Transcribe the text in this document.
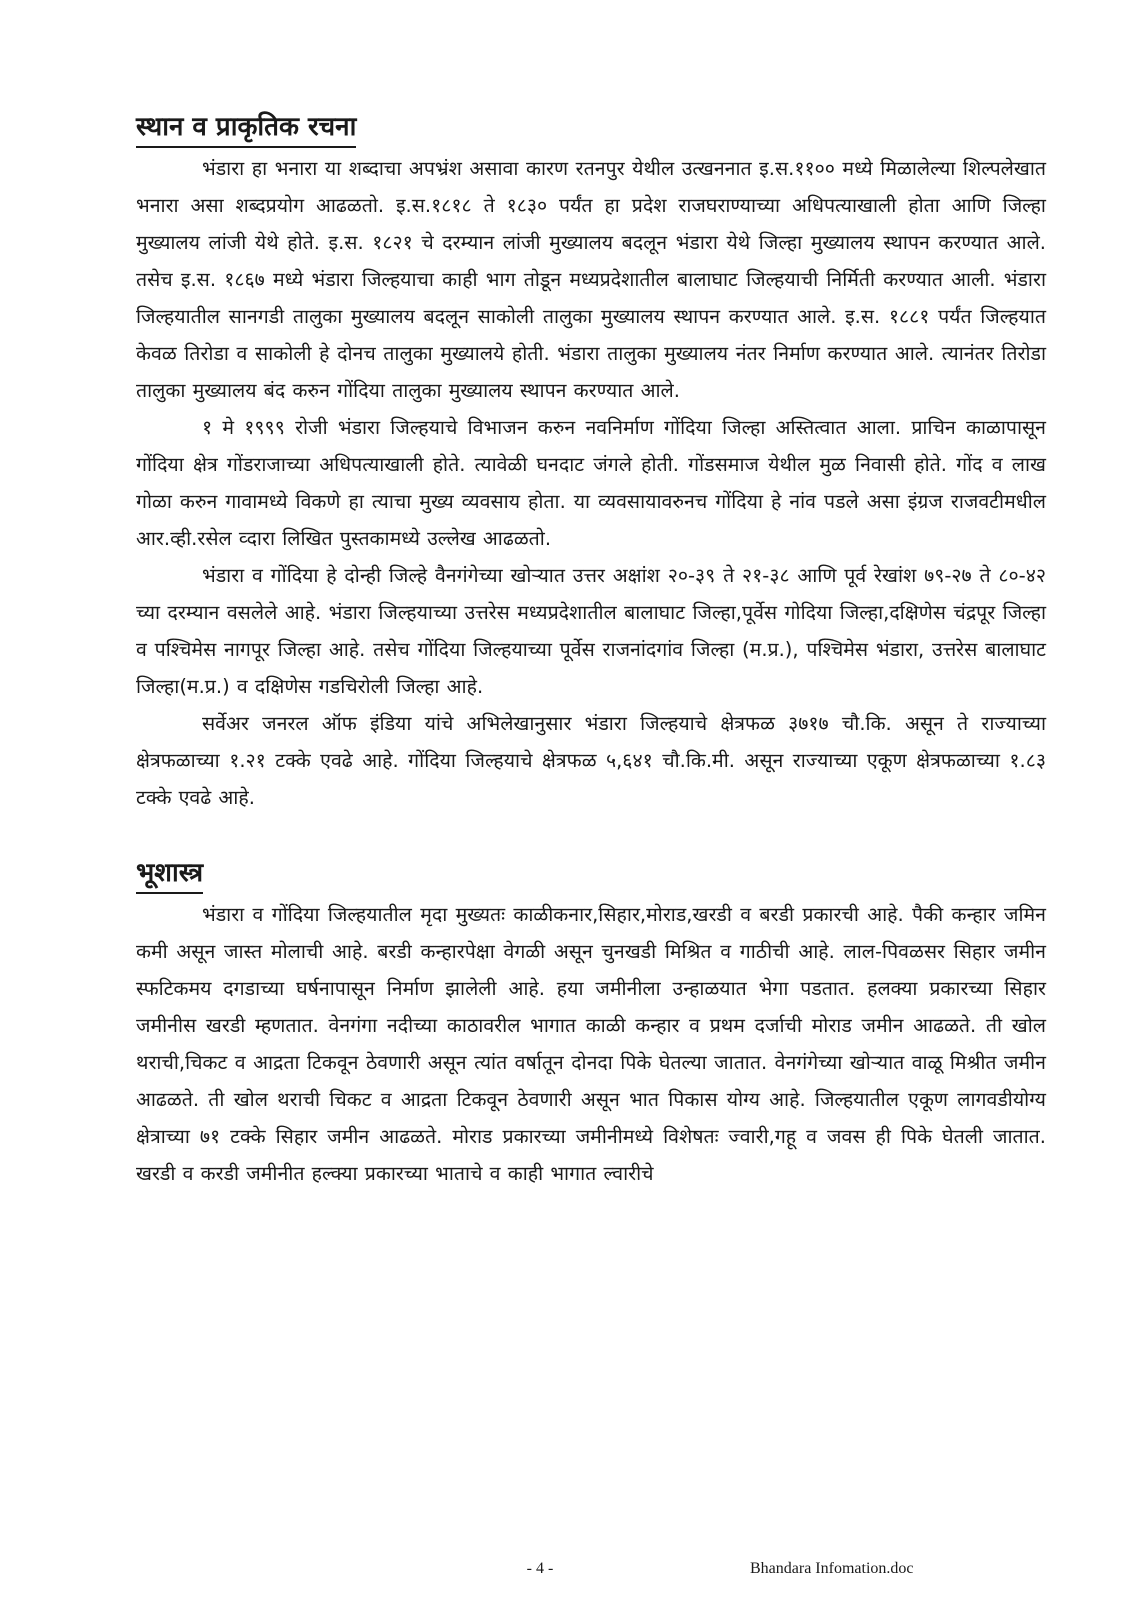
स्थान व प्राकृतिक रचना

भंडारा हा भनारा या शब्दाचा अपभ्रंश असावा कारण रतनपुर येथील उत्खननात इ.स.११०० मध्ये मिळालेल्या शिल्पलेखात भनारा असा शब्दप्रयोग आढळतो. इ.स.१८१८ ते १८३० पर्यंत हा प्रदेश राजघराण्याच्या अधिपत्याखाली होता आणि जिल्हा मुख्यालय लांजी येथे होते. इ.स. १८२१ चे दरम्यान लांजी मुख्यालय बदलून भंडारा येथे जिल्हा मुख्यालय स्थापन करण्यात आले. तसेच इ.स. १८६७ मध्ये भंडारा जिल्हयाचा काही भाग तोडून मध्यप्रदेशातील बालाघाट जिल्हयाची निर्मिती करण्यात आली. भंडारा जिल्हयातील सानगडी तालुका मुख्यालय बदलून साकोली तालुका मुख्यालय स्थापन करण्यात आले. इ.स. १८८१ पर्यंत जिल्हयात केवळ तिरोडा व साकोली हे दोनच तालुका मुख्यालये होती. भंडारा तालुका मुख्यालय नंतर निर्माण करण्यात आले. त्यानंतर तिरोडा तालुका मुख्यालय बंद करुन गोंदिया तालुका मुख्यालय स्थापन करण्यात आले.

१ मे १९९९ रोजी भंडारा जिल्हयाचे विभाजन करुन नवनिर्माण गोंदिया जिल्हा अस्तित्वात आला. प्राचिन काळापासून गोंदिया क्षेत्र गोंडराजाच्या अधिपत्याखाली होते. त्यावेळी घनदाट जंगले होती. गोंडसमाज येथील मुळ निवासी होते. गोंद व लाख गोळा करुन गावामध्ये विकणे हा त्याचा मुख्य व्यवसाय होता. या व्यवसायावरुनच गोंदिया हे नांव पडले असा इंग्रज राजवटीमधील आर.व्ही.रसेल व्दारा लिखित पुस्तकामध्ये उल्लेख आढळतो.

भंडारा व गोंदिया हे दोन्ही जिल्हे वैनगंगेच्या खोऱ्यात उत्तर अक्षांश २०-३९ ते २१-३८ आणि पूर्व रेखांश ७९-२७ ते ८०-४२ च्या दरम्यान वसलेले आहे. भंडारा जिल्हयाच्या उत्तरेस मध्यप्रदेशातील बालाघाट जिल्हा,पूर्वेस गोदिया जिल्हा,दक्षिणेस चंद्रपूर जिल्हा व पश्चिमेस नागपूर जिल्हा आहे. तसेच गोंदिया जिल्हयाच्या पूर्वेस राजनांदगांव जिल्हा (म.प्र.), पश्चिमेस भंडारा, उत्तरेस बालाघाट जिल्हा(म.प्र.) व दक्षिणेस गडचिरोली जिल्हा आहे.

सर्वेअर जनरल ऑफ इंडिया यांचे अभिलेखानुसार भंडारा जिल्हयाचे क्षेत्रफळ ३७१७ चौ.कि. असून ते राज्याच्या क्षेत्रफळाच्या १.२१ टक्के एवढे आहे. गोंदिया जिल्हयाचे क्षेत्रफळ ५,६४१ चौ.कि.मी. असून राज्याच्या एकूण क्षेत्रफळाच्या १.८३ टक्के एवढे आहे.

भूशास्त्र

भंडारा व गोंदिया जिल्हयातील मृदा मुख्यतः काळीकनार,सिहार,मोराड,खरडी व बरडी प्रकारची आहे. पैकी कन्हार जमिन कमी असून जास्त मोलाची आहे. बरडी कन्हारपेक्षा वेगळी असून चुनखडी मिश्रित व गाठीची आहे. लाल-पिवळसर सिहार जमीन स्फटिकमय दगडाच्या घर्षनापासून निर्माण झालेली आहे. हया जमीनीला उन्हाळयात भेगा पडतात. हलक्या प्रकारच्या सिहार जमीनीस खरडी म्हणतात. वेनगंगा नदीच्या काठावरील भागात काळी कन्हार व प्रथम दर्जाची मोराड जमीन आढळते. ती खोल थराची,चिकट व आद्रता टिकवून ठेवणारी असून त्यांत वर्षातून दोनदा पिके घेतल्या जातात. वेनगंगेच्या खोऱ्यात वाळू मिश्रीत जमीन आढळते. ती खोल थराची चिकट व आद्रता टिकवून ठेवणारी असून भात पिकास योग्य आहे. जिल्हयातील एकूण लागवडीयोग्य क्षेत्राच्या ७१ टक्के सिहार जमीन आढळते. मोराड प्रकारच्या जमीनीमध्ये विशेषतः ज्वारी,गहू व जवस ही पिके घेतली जातात. खरडी व करडी जमीनीत हल्क्या प्रकारच्या भाताचे व काही भागात ल्वारीचे

- 4 -	Bhandara Infomation.doc
